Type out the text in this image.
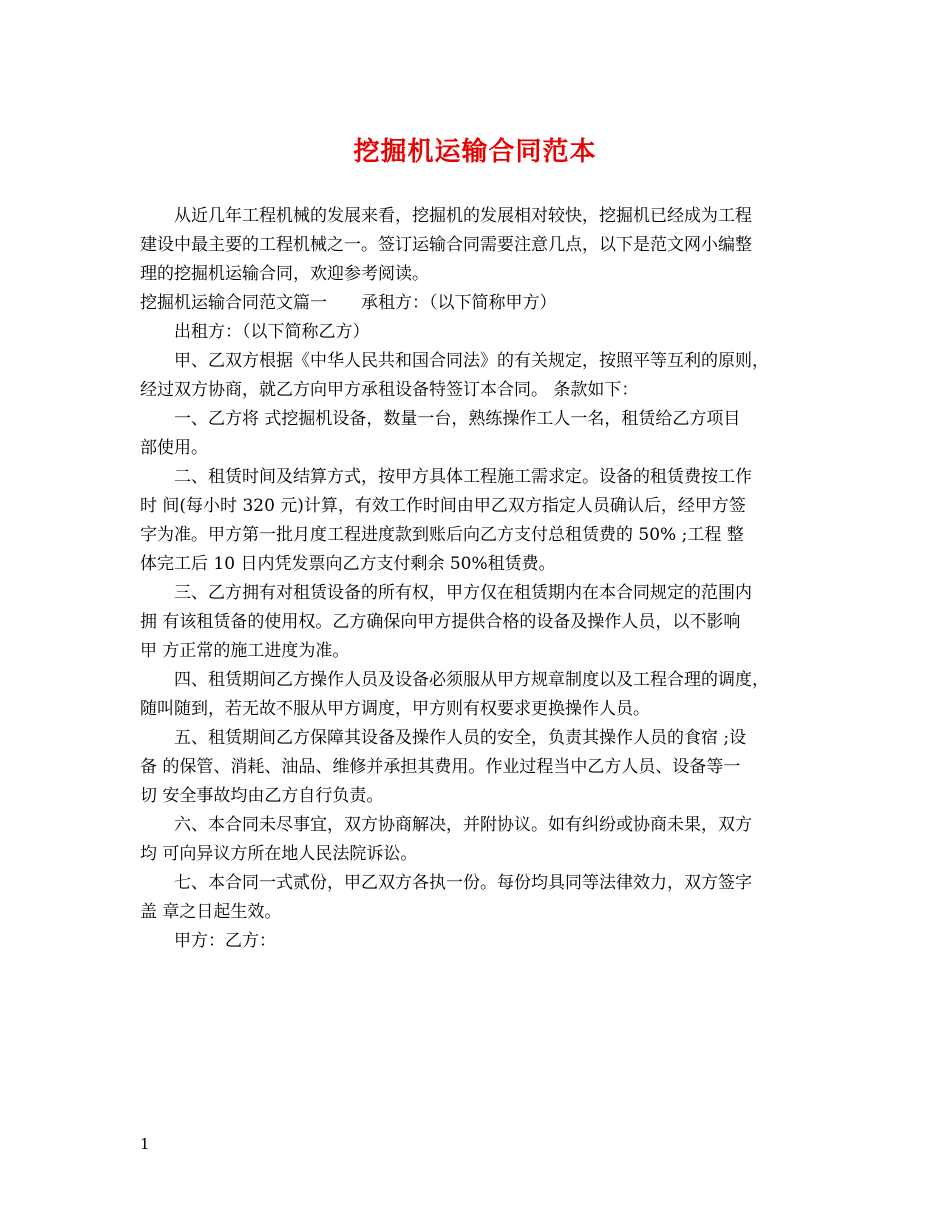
挖掘机运输合同范本
从近几年工程机械的发展来看，挖掘机的发展相对较快，挖掘机已经成为工程
建设中最主要的工程机械之一。签订运输合同需要注意几点，以下是范文网小编整
理的挖掘机运输合同，欢迎参考阅读。
挖掘机运输合同范文篇一　　承租方：（以下简称甲方）
出租方：（以下简称乙方）
甲、乙双方根据《中华人民共和国合同法》的有关规定，按照平等互利的原则，
经过双方协商，就乙方向甲方承租设备特签订本合同。 条款如下：
一、乙方将 式挖掘机设备，数量一台，熟练操作工人一名，租赁给乙方项目
部使用。
二、租赁时间及结算方式，按甲方具体工程施工需求定。设备的租赁费按工作
时 间(每小时 320 元)计算，有效工作时间由甲乙双方指定人员确认后，经甲方签
字为准。甲方第一批月度工程进度款到账后向乙方支付总租赁费的 50% ;工程 整
体完工后 10 日内凭发票向乙方支付剩余 50%租赁费。
三、乙方拥有对租赁设备的所有权，甲方仅在租赁期内在本合同规定的范围内
拥 有该租赁备的使用权。乙方确保向甲方提供合格的设备及操作人员，以不影响
甲 方正常的施工进度为准。
四、租赁期间乙方操作人员及设备必须服从甲方规章制度以及工程合理的调度，
随叫随到，若无故不服从甲方调度，甲方则有权要求更换操作人员。
五、租赁期间乙方保障其设备及操作人员的安全，负责其操作人员的食宿 ;设
备 的保管、消耗、油品、维修并承担其费用。作业过程当中乙方人员、设备等一
切 安全事故均由乙方自行负责。
六、本合同未尽事宜，双方协商解决，并附协议。如有纠纷或协商未果，双方
均 可向异议方所在地人民法院诉讼。
七、本合同一式贰份，甲乙双方各执一份。每份均具同等法律效力，双方签字
盖 章之日起生效。
甲方：乙方：
1
